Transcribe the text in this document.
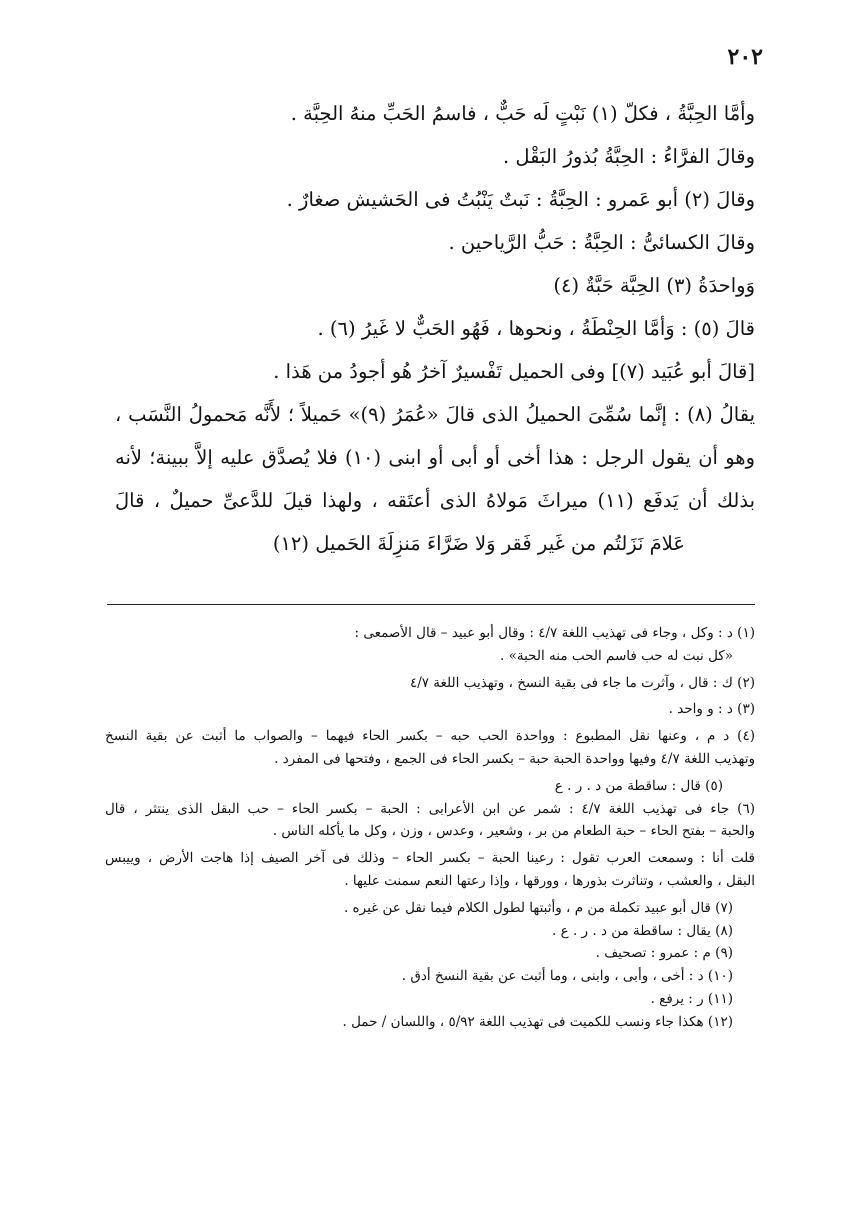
٢٠٢
وأمَّا الحِبَّةُ ، فكلّ (١) نَبْتٍ لَه حَبٌّ ، فاسمُ الحَبِّ منهُ الحِبَّة .
وقالَ الفرَّاءُ : الحِبَّةُ بُذورُ البَقْل .
وقالَ (٢) أبو عَمرو : الحِبَّةُ : نَبتٌ يَنْبُتُ فى الحَشيش صغارٌ .
وقالَ الكسائىُّ : الحِبَّةُ : حَبُّ الرَّياحين .
وَواحدَةُ (٣) الحِبَّة حَبَّةٌ (٤)
قالَ (٥) : وَأمَّا الحِنْطَةُ ، ونحوها ، فَهُو الحَبٌّ لا غَيرُ (٦) .
[قالَ أبو عُبَيد (٧)] وفى الحميل تَفْسيرٌ آخرُ هُو أجودُ من هَذا .
يقالُ (٨) : إنَّما سُمِّىَ الحميلُ الذى قالَ «عُمَرُ (٩)» حَميلاً ؛ لأَنَّه مَحمولُ النَّسَب ،
وهو أن يقول الرجل : هذا أخى أو أبى أو ابنى (١٠) فلا يُصدَّق عليه إلاَّ ببينة؛ لأنه
بذلك أن يَدفَع (١١) ميراثَ مَولاهُ الذى أعتَقه ، ولهذا قيلَ للدَّعىِّ حميلٌ ، قالَ
عَلامَ نَزَلتُم من غَير فَقر وَلا ضَرَّاءَ مَنزِلَةَ الحَميل (١٢)
(١) د : وكل ، وجاء فى تهذيب اللغة ٤/٧ : وقال أبو عبيد – قال الأصمعى :
«كل نبت له حب فاسم الحب منه الحبة» .
(٢) ك : قال ، وآثرت ما جاء فى بقية النسخ ، وتهذيب اللغة ٤/٧
(٣) د : و واحد .
(٤) د م ، وعنها نقل المطبوع : وواحدة الحب حبه – بكسر الحاء فيهما – والصواب ما أثبت عن بقية النسخ
وتهذيب اللغة ٤/٧ وفيها وواحدة الحبة حبة – بكسر الحاء فى الجمع ، وفتحها فى المفرد .
(٥) قال : ساقطة من د . ر . ع
(٦) جاء فى تهذيب اللغة ٤/٧ : شمر عن ابن الأعرابى : الحبة – بكسر الحاء – حب البقل الذى ينتثر ، قال
والحبة – بفتح الحاء – حبة الطعام من بر ، وشعير ، وعدس ، وزن ، وكل ما يأكله الناس .
قلت أنا : وسمعت العرب تقول : رعينا الحبة – بكسر الحاء – وذلك فى آخر الصيف إذا هاجت الأرض ، وييبس
البقل ، والعشب ، وتناثرت بذورها ، وورقها ، وإذا رعتها النعم سمنت عليها .
(٧) قال أبو عبيد تكملة من م ، وأثبتها لطول الكلام فيما نقل عن غيره .
(٨) يقال : ساقطة من د . ر . ع .
(٩) م : عمرو : تصحيف .
(١٠) د : أخى ، وأبى ، وابنى ، وما أثبت عن بقية النسخ أدق .
(١١) ر : يرفع .
(١٢) هكذا جاء ونسب للكميت فى تهذيب اللغة ٥/٩٢ ، واللسان / حمل .
